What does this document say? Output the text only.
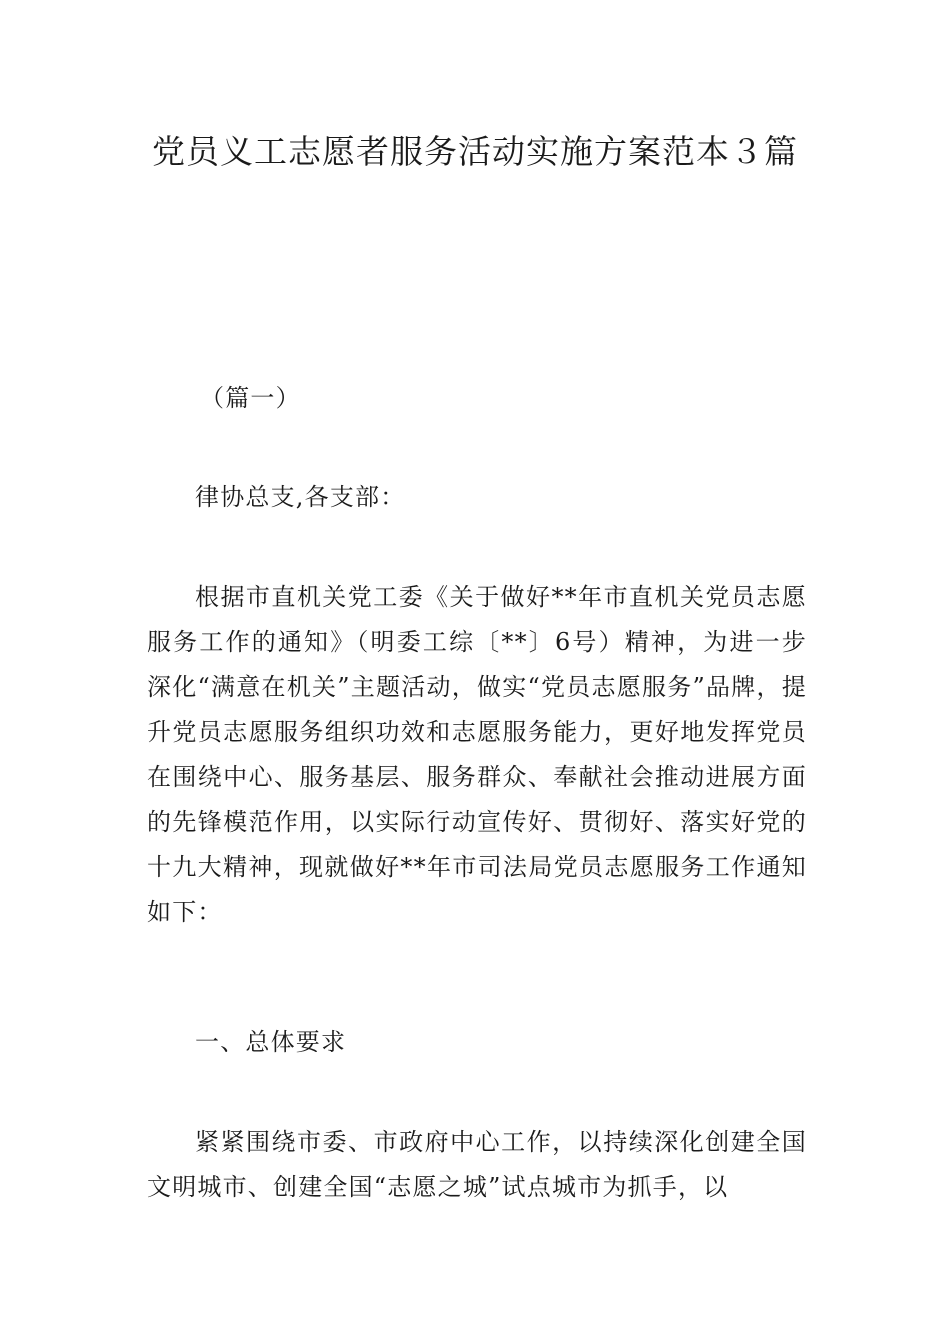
党员义工志愿者服务活动实施方案范本３篇

（篇一）

律协总支,各支部：

根据市直机关党工委《关于做好**年市直机关党员志愿服务工作的通知》（明委工综〔**〕6号）精神，为进一步深化“满意在机关”主题活动，做实“党员志愿服务”品牌，提升党员志愿服务组织功效和志愿服务能力，更好地发挥党员在围绕中心、服务基层、服务群众、奉献社会推动进展方面的先锋模范作用，以实际行动宣传好、贯彻好、落实好党的十九大精神，现就做好**年市司法局党员志愿服务工作通知如下：

一、总体要求

紧紧围绕市委、市政府中心工作，以持续深化创建全国文明城市、创建全国“志愿之城”试点城市为抓手，以
